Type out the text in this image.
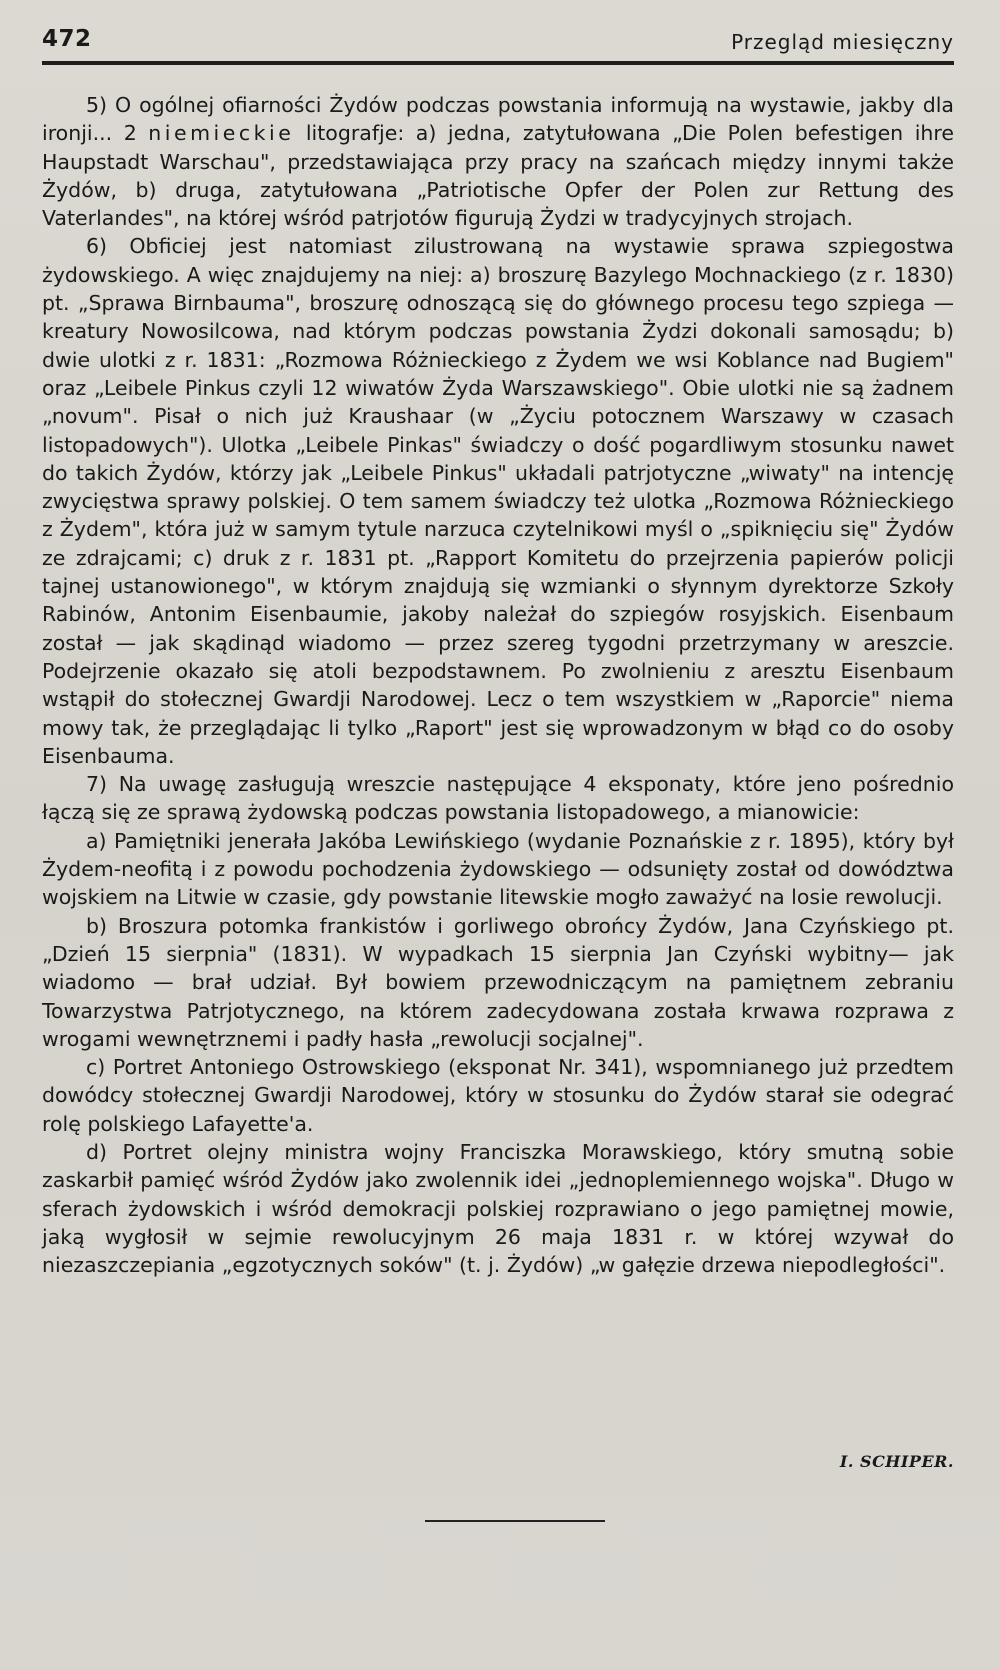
472	Przegląd miesięczny

5) O ogólnej ofiarności Żydów podczas powstania informują na wystawie, jakby dla ironji... 2 niemieckie litografje: a) jedna, zatytułowana „Die Polen befestigen ihre Haupstadt Warschau", przedstawiająca przy pracy na szańcach między innymi także Żydów, b) druga, zatytułowana „Patriotische Opfer der Polen zur Rettung des Vaterlandes", na której wśród patrjotów figurują Żydzi w tradycyjnych strojach.

6) Obficiej jest natomiast zilustrowaną na wystawie sprawa szpiegostwa żydowskiego. A więc znajdujemy na niej: a) broszurę Bazylego Mochnackiego (z r. 1830) pt. „Sprawa Birnbauma", broszurę odnoszącą się do głównego procesu tego szpiega — kreatury Nowosilcowa, nad którym podczas powstania Żydzi dokonali samosądu; b) dwie ulotki z r. 1831: „Rozmowa Różnieckiego z Żydem we wsi Koblance nad Bugiem" oraz „Leibele Pinkus czyli 12 wiwatów Żyda Warszawskiego". Obie ulotki nie są żadnem „novum". Pisał o nich już Kraushaar (w „Życiu potocznem Warszawy w czasach listopadowych"). Ulotka „Leibele Pinkas" świadczy o dość pogardliwym stosunku nawet do takich Żydów, którzy jak „Leibele Pinkus" układali patrjotyczne „wiwaty" na intencję zwycięstwa sprawy polskiej. O tem samem świadczy też ulotka „Rozmowa Różnieckiego z Żydem", która już w samym tytule narzuca czytelnikowi myśl o „spiknięciu się" Żydów ze zdrajcami; c) druk z r. 1831 pt. „Rapport Komitetu do przejrzenia papierów policji tajnej ustanowionego", w którym znajdują się wzmianki o słynnym dyrektorze Szkoły Rabinów, Antonim Eisenbaumie, jakoby należał do szpiegów rosyjskich. Eisenbaum został — jak skądinąd wiadomo — przez szereg tygodni przetrzymany w areszcie. Podejrzenie okazało się atoli bezpodstawnem. Po zwolnieniu z aresztu Eisenbaum wstąpił do stołecznej Gwardji Narodowej. Lecz o tem wszystkiem w „Raporcie" niema mowy tak, że przeglądając li tylko „Raport" jest się wprowadzonym w błąd co do osoby Eisenbauma.

7) Na uwagę zasługują wreszcie następujące 4 eksponaty, które jeno pośrednio łączą się ze sprawą żydowską podczas powstania listopadowego, a mianowicie:

a) Pamiętniki jenerała Jakóba Lewińskiego (wydanie Poznańskie z r. 1895), który był Żydem-neofitą i z powodu pochodzenia żydowskiego — odsunięty został od dowództwa wojskiem na Litwie w czasie, gdy powstanie litewskie mogło zaważyć na losie rewolucji.

b) Broszura potomka frankistów i gorliwego obrońcy Żydów, Jana Czyńskiego pt. „Dzień 15 sierpnia" (1831). W wypadkach 15 sierpnia Jan Czyński wybitny— jak wiadomo — brał udział. Był bowiem przewodniczącym na pamiętnem zebraniu Towarzystwa Patrjotycznego, na którem zadecydowana została krwawa rozprawa z wrogami wewnętrznemi i padły hasła „rewolucji socjalnej".

c) Portret Antoniego Ostrowskiego (eksponat Nr. 341), wspomnianego już przedtem dowódcy stołecznej Gwardji Narodowej, który w stosunku do Żydów starał sie odegrać rolę polskiego Lafayette'a.

d) Portret olejny ministra wojny Franciszka Morawskiego, który smutną sobie zaskarbił pamięć wśród Żydów jako zwolennik idei „jednoplemiennego wojska". Długo w sferach żydowskich i wśród demokracji polskiej rozprawiano o jego pamiętnej mowie, jaką wygłosił w sejmie rewolucyjnym 26 maja 1831 r. w której wzywał do niezaszczepiania „egzotycznych soków" (t. j. Żydów) „w gałęzie drzewa niepodległości".

I. SCHIPER.
